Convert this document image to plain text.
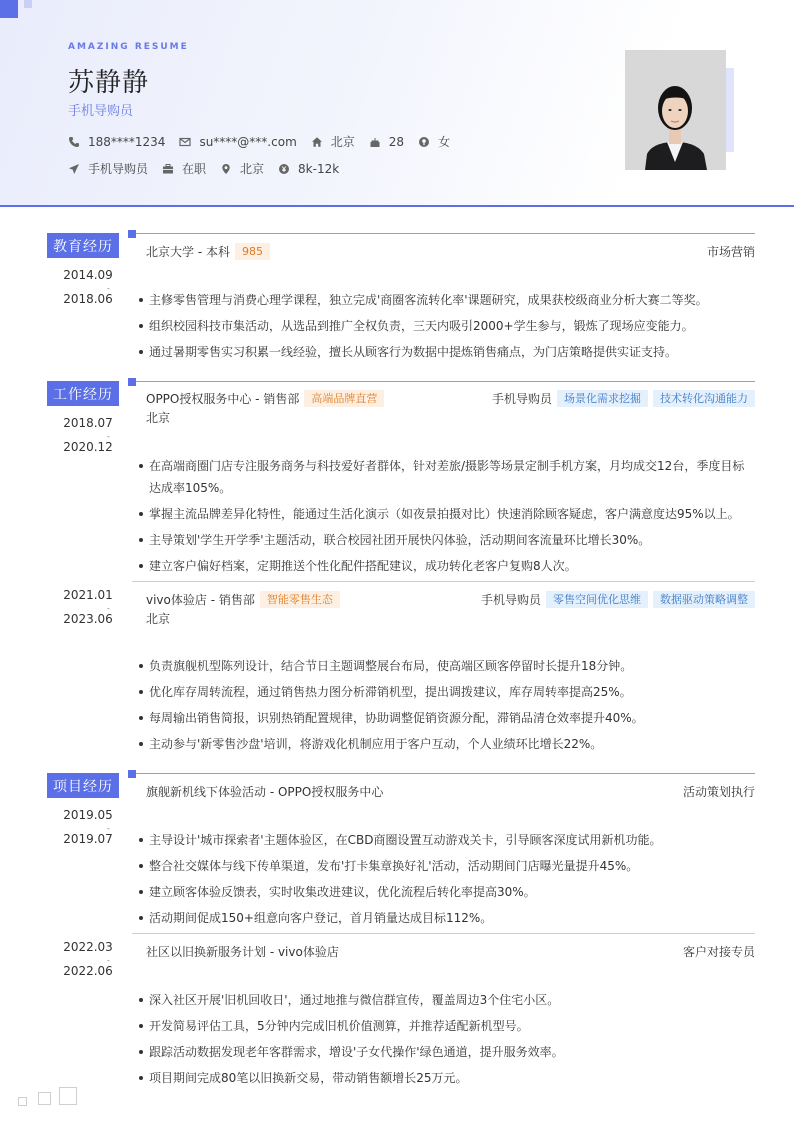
AMAZING RESUME
苏静静
手机导购员
188****1234	su****@***.com	北京	28	女
手机导购员	在职	北京	8k-12k
教育经历
2014.09
-
2018.06
北京大学 - 本科	985	市场营销
主修零售管理与消费心理学课程，独立完成'商圈客流转化率'课题研究，成果获校级商业分析大赛二等奖。
组织校园科技市集活动，从选品到推广全权负责，三天内吸引2000+学生参与，锻炼了现场应变能力。
通过暑期零售实习积累一线经验，擅长从顾客行为数据中提炼销售痛点，为门店策略提供实证支持。
工作经历
2018.07
-
2020.12
OPPO授权服务中心 - 销售部	高端品牌直营	手机导购员	场景化需求挖掘	技术转化沟通能力
北京
在高端商圈门店专注服务商务与科技爱好者群体，针对差旅/摄影等场景定制手机方案，月均成交12台，季度目标达成率105%。
掌握主流品牌差异化特性，能通过生活化演示（如夜景拍摄对比）快速消除顾客疑虑，客户满意度达95%以上。
主导策划'学生开学季'主题活动，联合校园社团开展快闪体验，活动期间客流量环比增长30%。
建立客户偏好档案，定期推送个性化配件搭配建议，成功转化老客户复购8人次。
2021.01
-
2023.06
vivo体验店 - 销售部	智能零售生态	手机导购员	零售空间优化思维	数据驱动策略调整
北京
负责旗舰机型陈列设计，结合节日主题调整展台布局，使高端区顾客停留时长提升18分钟。
优化库存周转流程，通过销售热力图分析滞销机型，提出调拨建议，库存周转率提高25%。
每周输出销售简报，识别热销配置规律，协助调整促销资源分配，滞销品清仓效率提升40%。
主动参与'新零售沙盘'培训，将游戏化机制应用于客户互动，个人业绩环比增长22%。
项目经历
2019.05
-
2019.07
旗舰新机线下体验活动 - OPPO授权服务中心	活动策划执行
主导设计'城市探索者'主题体验区，在CBD商圈设置互动游戏关卡，引导顾客深度试用新机功能。
整合社交媒体与线下传单渠道，发布'打卡集章换好礼'活动，活动期间门店曝光量提升45%。
建立顾客体验反馈表，实时收集改进建议，优化流程后转化率提高30%。
活动期间促成150+组意向客户登记，首月销量达成目标112%。
2022.03
-
2022.06
社区以旧换新服务计划 - vivo体验店	客户对接专员
深入社区开展'旧机回收日'，通过地推与微信群宣传，覆盖周边3个住宅小区。
开发简易评估工具，5分钟内完成旧机价值测算，并推荐适配新机型号。
跟踪活动数据发现老年客群需求，增设'子女代操作'绿色通道，提升服务效率。
项目期间完成80笔以旧换新交易，带动销售额增长25万元。
